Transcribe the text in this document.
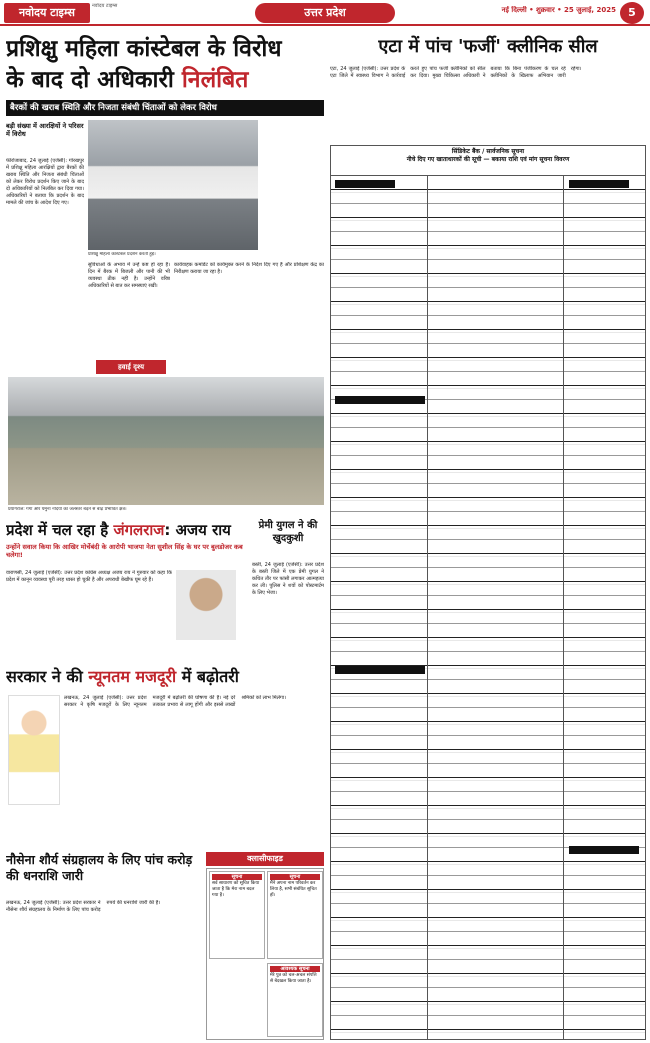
नवोदय टाइम्स	नवोदय टाइम्स	उत्तर प्रदेश	नई दिल्ली • शुक्रवार • 25 जुलाई, 2025	5
प्रशिक्षु महिला कांस्टेबल के विरोध
के बाद दो अधिकारी निलंबित
बैरकों की खराब स्थिति और निजता संबंधी चिंताओं को लेकर विरोध
बड़ी संख्या में आरक्षियों ने परिसर में विरोध
फीरोजाबाद, 24 जुलाई (एजेंसी): गोरखपुर में प्रशिक्षु महिला आरक्षियों द्वारा बैरकों की खराब स्थिति और निजता संबंधी चिंताओं को लेकर विरोध प्रदर्शन किए जाने के बाद दो अधिकारियों को निलंबित कर दिया गया। अधिकारियों ने बताया कि प्रदर्शन के बाद मामले की जांच के आदेश दिए गए।
प्रशिक्षु महिला कांस्टेबल प्रदर्शन करती हुईं।
सुविधाओं के अभाव में उन्हें कष्ट हो रहा है। दिन में बैरक में बिजली और पानी की भी व्यवस्था ठीक नहीं है। उन्होंने वरिष्ठ अधिकारियों से बात कर समस्याएं रखीं।
कार्यवाहक कमांडेंट को कार्यमुक्त करने के निर्देश दिए गए हैं और प्रशिक्षण केंद्र का निरीक्षण कराया जा रहा है।
हवाई दृश्य
प्रयागराज: गंगा और यमुना नदियों का जलस्तर बढ़ने से बाढ़ प्रभावित क्षेत्र।
प्रदेश में चल रहा है जंगलराज: अजय राय
उन्होंने सवाल किया कि आखिर मोर्चेबंदी के आरोपी भाजपा नेता सुशील सिंह के घर पर बुलडोजर कब चलेगा!
वाराणसी, 24 जुलाई (एजेंसी): उत्तर प्रदेश कांग्रेस अध्यक्ष अजय राय ने गुरुवार को कहा कि प्रदेश में कानून व्यवस्था पूरी तरह ध्वस्त हो चुकी है और अपराधी बेखौफ घूम रहे हैं।
प्रेमी युगल ने की खुदकुशी
बस्ती, 24 जुलाई (एजेंसी): उत्तर प्रदेश के बस्ती जिले में एक प्रेमी युगल ने कथित तौर पर फांसी लगाकर आत्महत्या कर ली। पुलिस ने शवों को पोस्टमार्टम के लिए भेजा।
सरकार ने की न्यूनतम मजदूरी में बढ़ोतरी
लखनऊ, 24 जुलाई (एजेंसी): उत्तर प्रदेश सरकार ने कृषि मजदूरों के लिए न्यूनतम मजदूरी में बढ़ोतरी की घोषणा की है। नई दरें तत्काल प्रभाव से लागू होंगी और इससे लाखों श्रमिकों को लाभ मिलेगा।
नौसेना शौर्य संग्रहालय के लिए पांच करोड़ की धनराशि जारी
लखनऊ, 24 जुलाई (एजेंसी): उत्तर प्रदेश सरकार ने नौसेना शौर्य संग्रहालय के निर्माण के लिए पांच करोड़ रुपये की धनराशि जारी की है।
क्लासीफाइड
सूचना
सर्व साधारण को सूचित किया जाता है कि मेरा नाम बदल गया है।
सूचना
मैंने अपना नाम परिवर्तन कर लिया है, सभी संबंधित सूचित हों।
आवश्यक सूचना
मेरे पुत्र को चल-अचल संपत्ति से बेदखल किया जाता है।
एटा में पांच 'फर्जी' क्लीनिक सील
एटा, 24 जुलाई (एजेंसी): उत्तर प्रदेश के एटा जिले में स्वास्थ्य विभाग ने कार्रवाई करते हुए पांच फर्जी क्लीनिकों को सील कर दिया। मुख्य चिकित्सा अधिकारी ने बताया कि बिना पंजीकरण के चल रहे क्लीनिकों के खिलाफ अभियान जारी रहेगा।
सिंडिकेट बैंक / सार्वजनिक सूचना
नीचे दिए गए खाताधारकों की सूची — बकाया राशि एवं मांग सूचना विवरण
